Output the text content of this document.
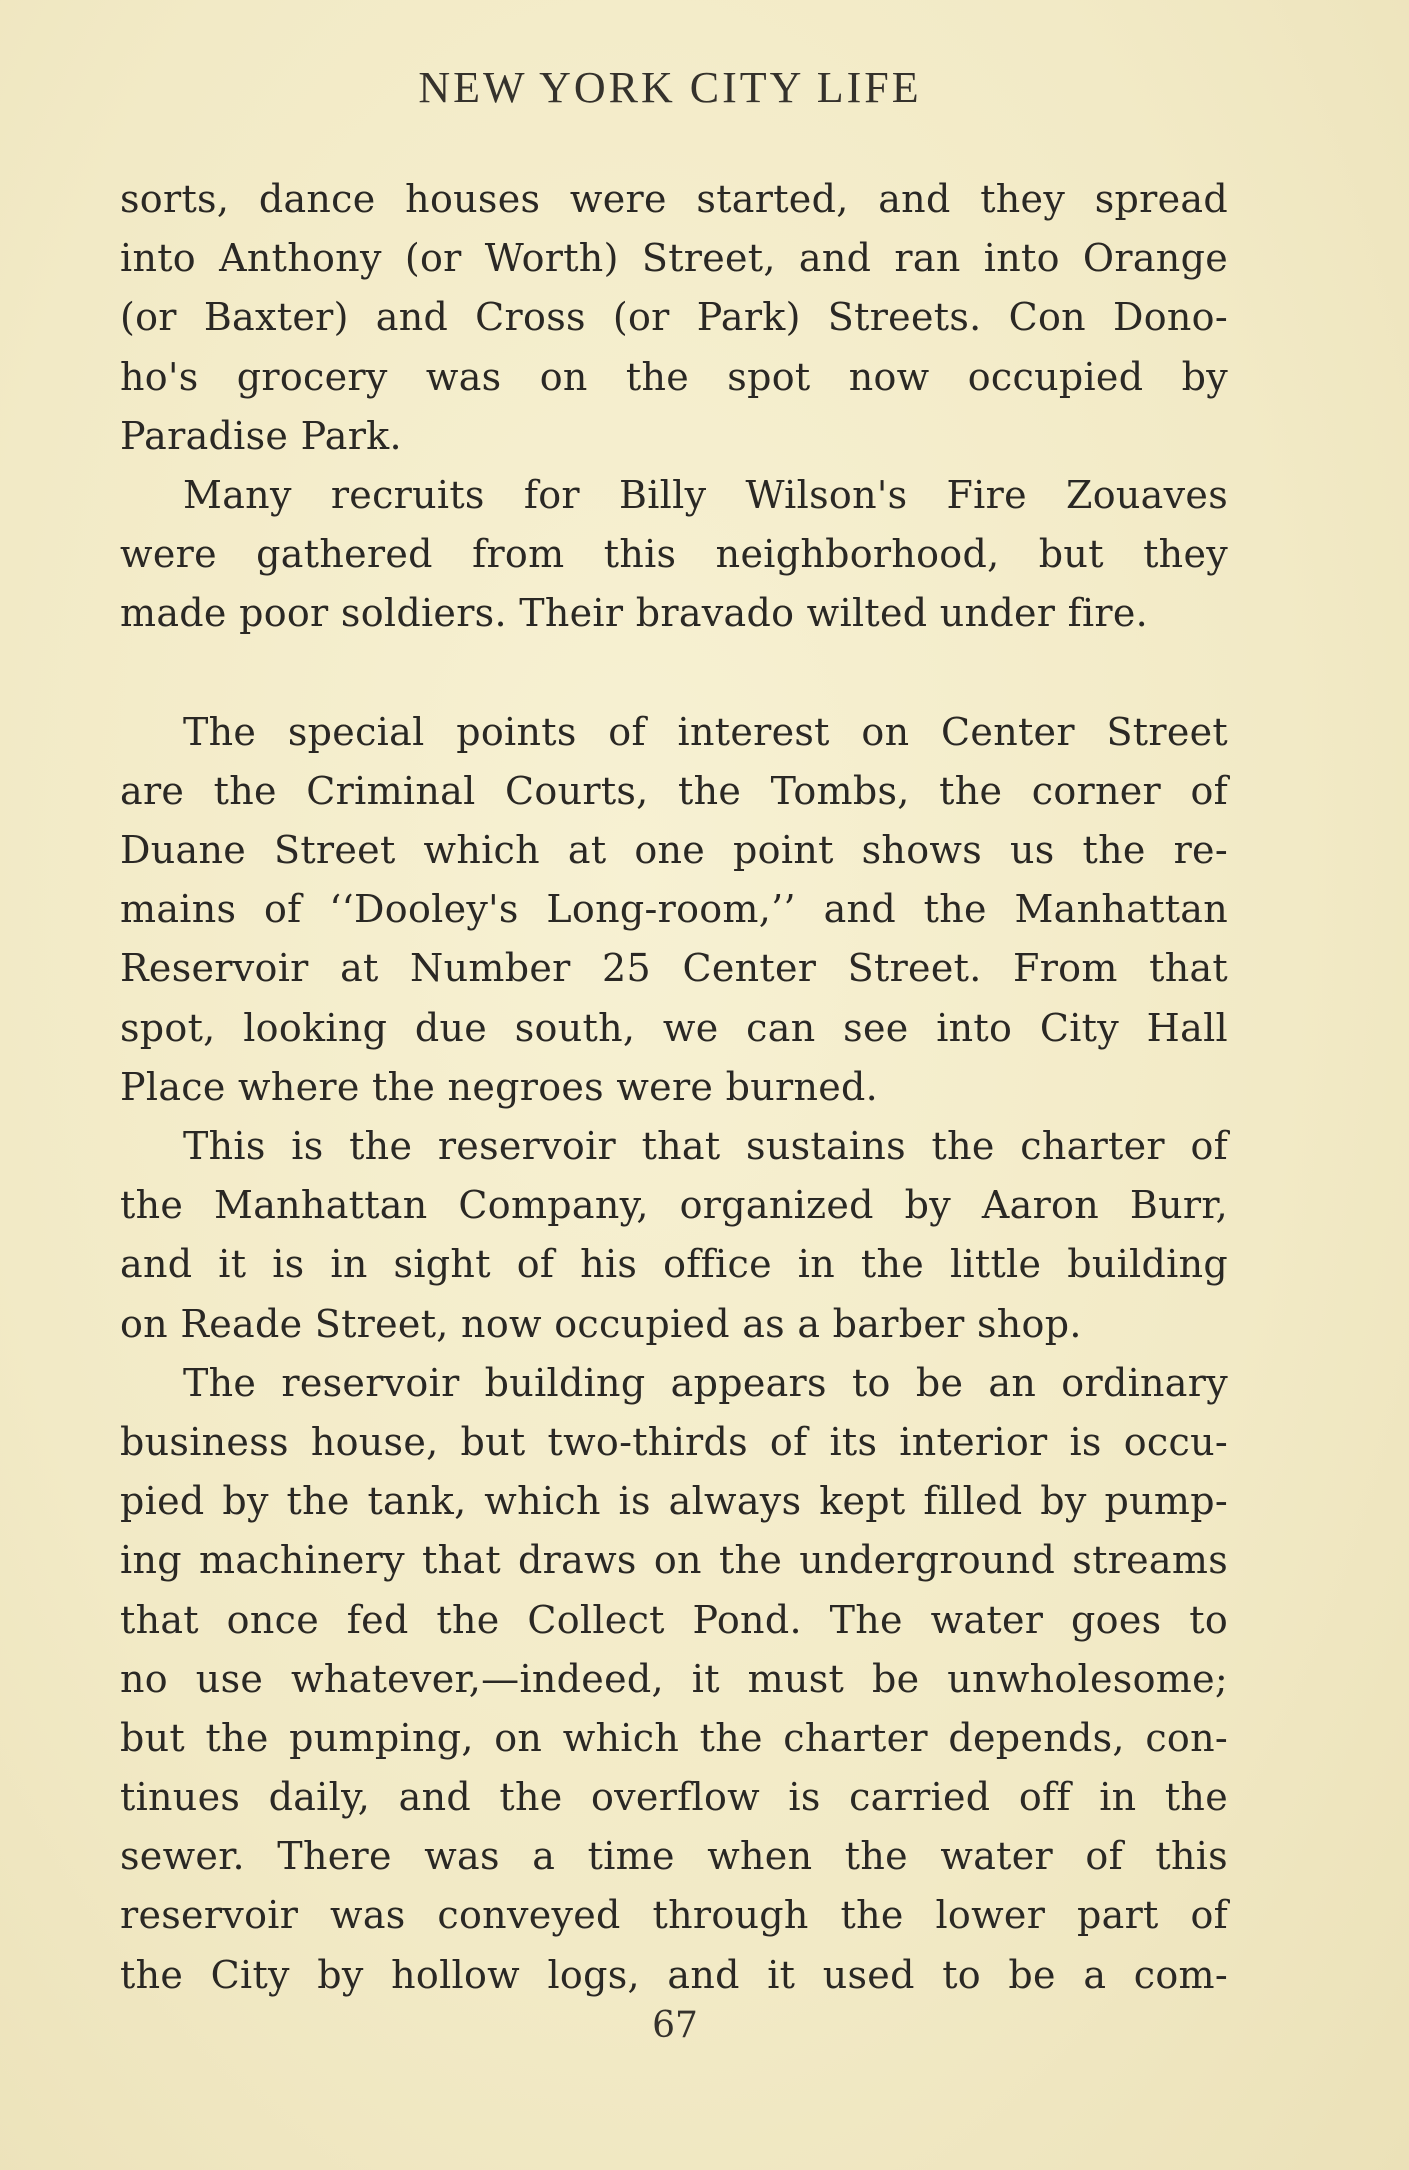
NEW YORK CITY LIFE
sorts, dance houses were started, and they spread
into Anthony (or Worth) Street, and ran into Orange
(or Baxter) and Cross (or Park) Streets. Con Dono-
ho's grocery was on the spot now occupied by
Paradise Park.
Many recruits for Billy Wilson's Fire Zouaves
were gathered from this neighborhood, but they
made poor soldiers. Their bravado wilted under fire.
The special points of interest on Center Street
are the Criminal Courts, the Tombs, the corner of
Duane Street which at one point shows us the re-
mains of ‘‘Dooley's Long-room,’’ and the Manhattan
Reservoir at Number 25 Center Street. From that
spot, looking due south, we can see into City Hall
Place where the negroes were burned.
This is the reservoir that sustains the charter of
the Manhattan Company, organized by Aaron Burr,
and it is in sight of his office in the little building
on Reade Street, now occupied as a barber shop.
The reservoir building appears to be an ordinary
business house, but two-thirds of its interior is occu-
pied by the tank, which is always kept filled by pump-
ing machinery that draws on the underground streams
that once fed the Collect Pond. The water goes to
no use whatever,—indeed, it must be unwholesome;
but the pumping, on which the charter depends, con-
tinues daily, and the overflow is carried off in the
sewer. There was a time when the water of this
reservoir was conveyed through the lower part of
the City by hollow logs, and it used to be a com-
67
